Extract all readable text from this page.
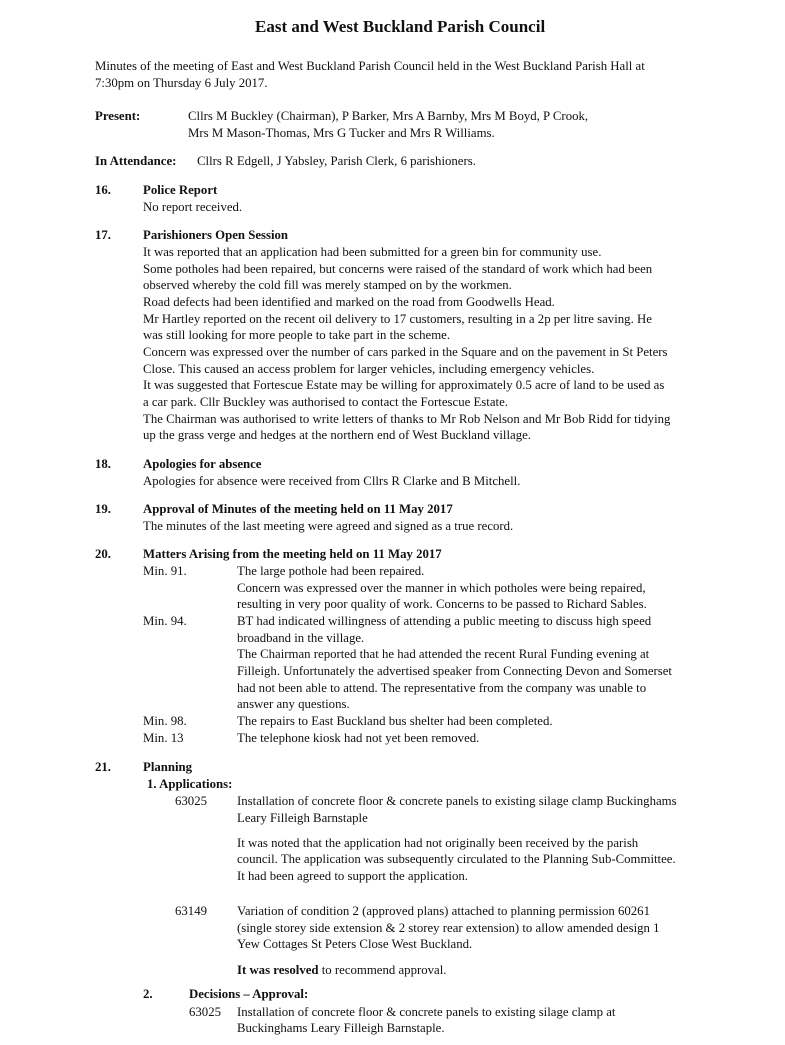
East and West Buckland Parish Council
Minutes of the meeting of East and West Buckland Parish Council held in the West Buckland Parish Hall at
7:30pm on Thursday 6 July 2017.
Present:	Cllrs M Buckley (Chairman), P Barker, Mrs A Barnby, Mrs M Boyd, P Crook,
Mrs M Mason-Thomas, Mrs G Tucker and Mrs R Williams.
In Attendance: Cllrs R Edgell, J Yabsley, Parish Clerk, 6 parishioners.
16.	Police Report
No report received.
17.	Parishioners Open Session
It was reported that an application had been submitted for a green bin for community use.
Some potholes had been repaired, but concerns were raised of the standard of work which had been
observed whereby the cold fill was merely stamped on by the workmen.
Road defects had been identified and marked on the road from Goodwells Head.
Mr Hartley reported on the recent oil delivery to 17 customers, resulting in a 2p per litre saving. He
was still looking for more people to take part in the scheme.
Concern was expressed over the number of cars parked in the Square and on the pavement in St Peters
Close. This caused an access problem for larger vehicles, including emergency vehicles.
It was suggested that Fortescue Estate may be willing for approximately 0.5 acre of land to be used as
a car park. Cllr Buckley was authorised to contact the Fortescue Estate.
The Chairman was authorised to write letters of thanks to Mr Rob Nelson and Mr Bob Ridd for tidying
up the grass verge and hedges at the northern end of West Buckland village.
18.	Apologies for absence
Apologies for absence were received from Cllrs R Clarke and B Mitchell.
19.	Approval of Minutes of the meeting held on 11 May 2017
The minutes of the last meeting were agreed and signed as a true record.
20.	Matters Arising from the meeting held on 11 May 2017
Min. 91.	The large pothole had been repaired.
Concern was expressed over the manner in which potholes were being repaired,
resulting in very poor quality of work. Concerns to be passed to Richard Sables.
Min. 94.	BT had indicated willingness of attending a public meeting to discuss high speed
broadband in the village.
The Chairman reported that he had attended the recent Rural Funding evening at
Filleigh. Unfortunately the advertised speaker from Connecting Devon and Somerset
had not been able to attend. The representative from the company was unable to
answer any questions.
Min. 98.	The repairs to East Buckland bus shelter had been completed.
Min. 13	The telephone kiosk had not yet been removed.
21.	Planning
1. Applications:
63025 Installation of concrete floor & concrete panels to existing silage clamp Buckinghams
Leary Filleigh Barnstaple
It was noted that the application had not originally been received by the parish
council. The application was subsequently circulated to the Planning Sub-Committee.
It had been agreed to support the application.
63149 Variation of condition 2 (approved plans) attached to planning permission 60261
(single storey side extension & 2 storey rear extension) to allow amended design 1
Yew Cottages St Peters Close West Buckland.
It was resolved to recommend approval.
2.	Decisions – Approval:
63025 Installation of concrete floor & concrete panels to existing silage clamp at
Buckinghams Leary Filleigh Barnstaple.
